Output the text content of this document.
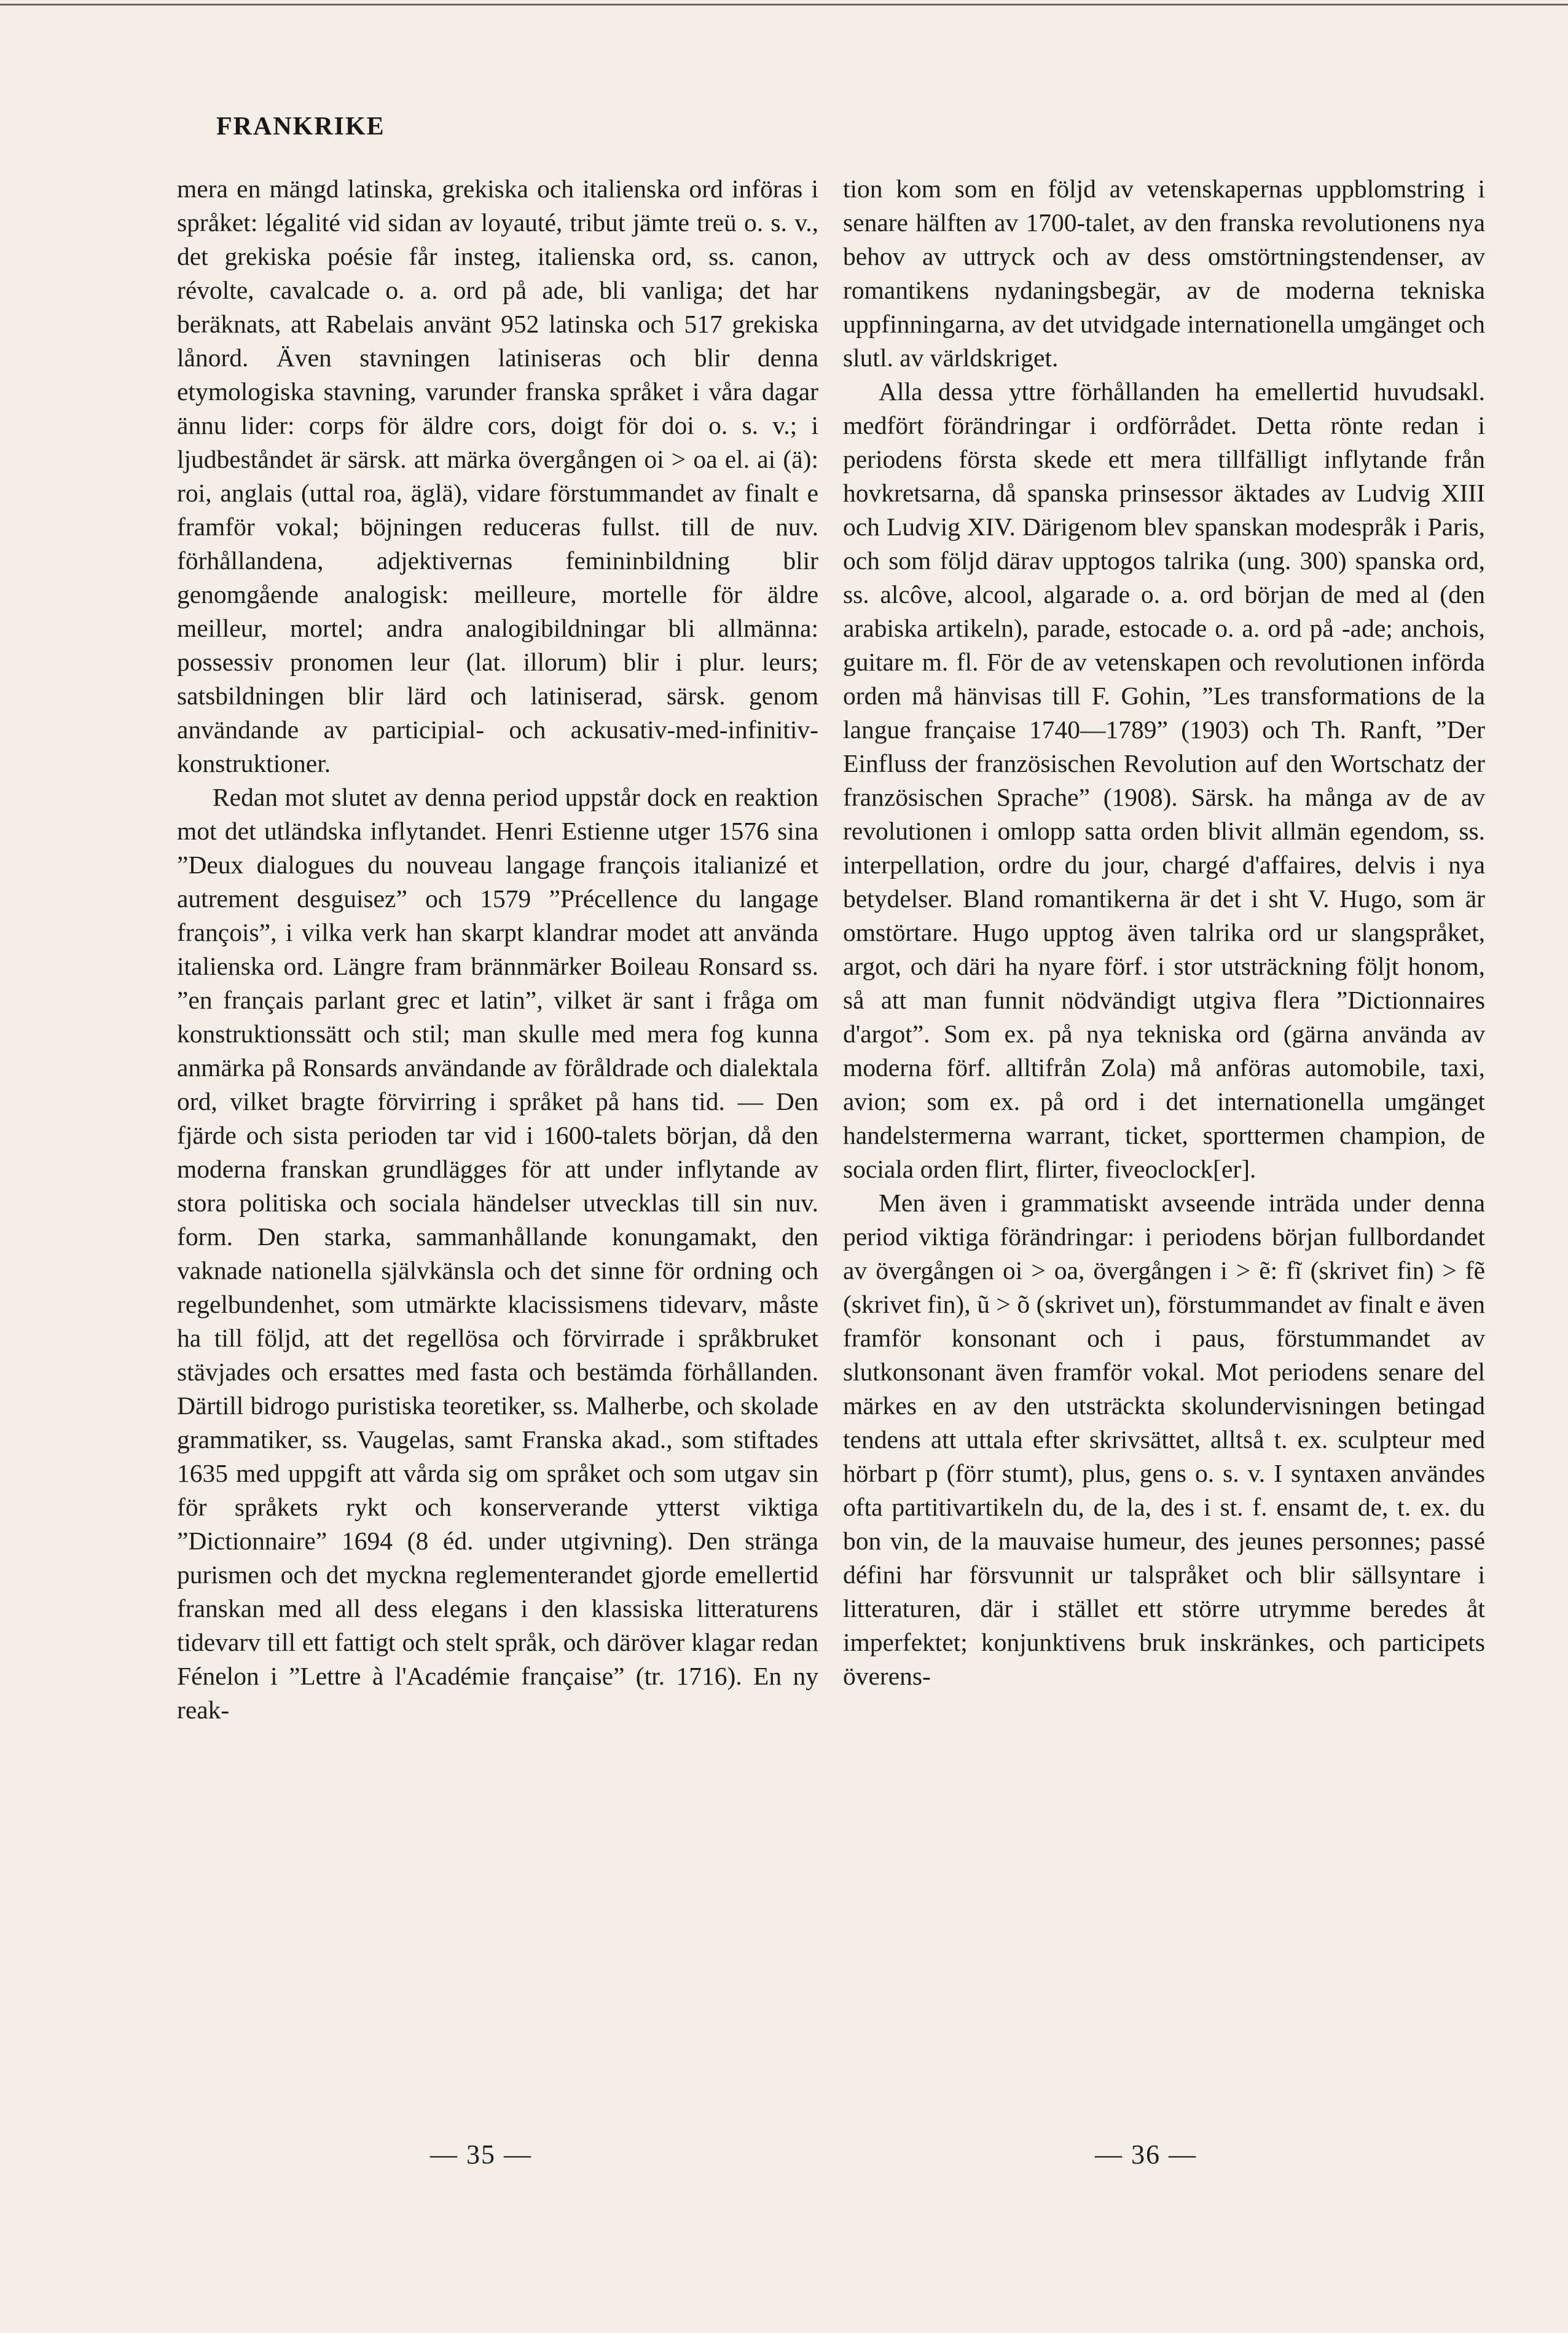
FRANKRIKE

mera en mängd latinska, grekiska och italienska ord införas i språket: légalité vid sidan av loyauté, tribut jämte treü o. s. v., det grekiska poésie får insteg, italienska ord, ss. canon, révolte, cavalcade o. a. ord på ade, bli vanliga; det har beräknats, att Rabelais använt 952 latinska och 517 grekiska lånord. Även stavningen latiniseras och blir denna etymologiska stavning, varunder franska språket i våra dagar ännu lider: corps för äldre cors, doigt för doi o. s. v.; i ljudbeståndet är särsk. att märka övergången oi > oa el. ai (ä): roi, anglais (uttal roa, äglä), vidare förstummandet av finalt e framför vokal; böjningen reduceras fullst. till de nuv. förhållandena, adjektivernas femininbildning blir genomgående analogisk: meilleure, mortelle för äldre meilleur, mortel; andra analogibildningar bli allmänna: possessiv pronomen leur (lat. illorum) blir i plur. leurs; satsbildningen blir lärd och latiniserad, särsk. genom användande av participial- och ackusativ-med-infinitiv-konstruktioner.

Redan mot slutet av denna period uppstår dock en reaktion mot det utländska inflytandet. Henri Estienne utger 1576 sina ”Deux dialogues du nouveau langage françois italianizé et autrement desguisez” och 1579 ”Précellence du langage françois”, i vilka verk han skarpt klandrar modet att använda italienska ord. Längre fram brännmärker Boileau Ronsard ss. ”en français parlant grec et latin”, vilket är sant i fråga om konstruktionssätt och stil; man skulle med mera fog kunna anmärka på Ronsards användande av föråldrade och dialektala ord, vilket bragte förvirring i språket på hans tid. — Den fjärde och sista perioden tar vid i 1600-talets början, då den moderna franskan grundlägges för att under inflytande av stora politiska och sociala händelser utvecklas till sin nuv. form. Den starka, sammanhållande konungamakt, den vaknade nationella självkänsla och det sinne för ordning och regelbundenhet, som utmärkte klacissismens tidevarv, måste ha till följd, att det regellösa och förvirrade i språkbruket stävjades och ersattes med fasta och bestämda förhållanden. Därtill bidrogo puristiska teoretiker, ss. Malherbe, och skolade grammatiker, ss. Vaugelas, samt Franska akad., som stiftades 1635 med uppgift att vårda sig om språket och som utgav sin för språkets rykt och konserverande ytterst viktiga ”Dictionnaire” 1694 (8 éd. under utgivning). Den stränga purismen och det myckna reglementerandet gjorde emellertid franskan med all dess elegans i den klassiska litteraturens tidevarv till ett fattigt och stelt språk, och däröver klagar redan Fénelon i ”Lettre à l'Académie française” (tr. 1716). En ny reak-

tion kom som en följd av vetenskapernas uppblomstring i senare hälften av 1700-talet, av den franska revolutionens nya behov av uttryck och av dess omstörtningstendenser, av romantikens nydaningsbegär, av de moderna tekniska uppfinningarna, av det utvidgade internationella umgänget och slutl. av världskriget.

Alla dessa yttre förhållanden ha emellertid huvudsakl. medfört förändringar i ordförrådet. Detta rönte redan i periodens första skede ett mera tillfälligt inflytande från hovkretsarna, då spanska prinsessor äktades av Ludvig XIII och Ludvig XIV. Därigenom blev spanskan modespråk i Paris, och som följd därav upptogos talrika (ung. 300) spanska ord, ss. alcôve, alcool, algarade o. a. ord början de med al (den arabiska artikeln), parade, estocade o. a. ord på -ade; anchois, guitare m. fl. För de av vetenskapen och revolutionen införda orden må hänvisas till F. Gohin, ”Les transformations de la langue française 1740—1789” (1903) och Th. Ranft, ”Der Einfluss der französischen Revolution auf den Wortschatz der französischen Sprache” (1908). Särsk. ha många av de av revolutionen i omlopp satta orden blivit allmän egendom, ss. interpellation, ordre du jour, chargé d'affaires, delvis i nya betydelser. Bland romantikerna är det i sht V. Hugo, som är omstörtare. Hugo upptog även talrika ord ur slangspråket, argot, och däri ha nyare förf. i stor utsträckning följt honom, så att man funnit nödvändigt utgiva flera ”Dictionnaires d'argot”. Som ex. på nya tekniska ord (gärna använda av moderna förf. alltifrån Zola) må anföras automobile, taxi, avion; som ex. på ord i det internationella umgänget handelstermerna warrant, ticket, sporttermen champion, de sociala orden flirt, flirter, fiveoclock[er].

Men även i grammatiskt avseende inträda under denna period viktiga förändringar: i periodens början fullbordandet av övergången oi > oa, övergången i > ẽ: fĩ (skrivet fin) > fẽ (skrivet fin), ũ > õ (skrivet un), förstummandet av finalt e även framför konsonant och i paus, förstummandet av slutkonsonant även framför vokal. Mot periodens senare del märkes en av den utsträckta skolundervisningen betingad tendens att uttala efter skrivsättet, alltså t. ex. sculpteur med hörbart p (förr stumt), plus, gens o. s. v. I syntaxen användes ofta partitivartikeln du, de la, des i st. f. ensamt de, t. ex. du bon vin, de la mauvaise humeur, des jeunes personnes; passé défini har försvunnit ur talspråket och blir sällsyntare i litteraturen, där i stället ett större utrymme beredes åt imperfektet; konjunktivens bruk inskränkes, och participets överens-

— 35 —	— 36 —
